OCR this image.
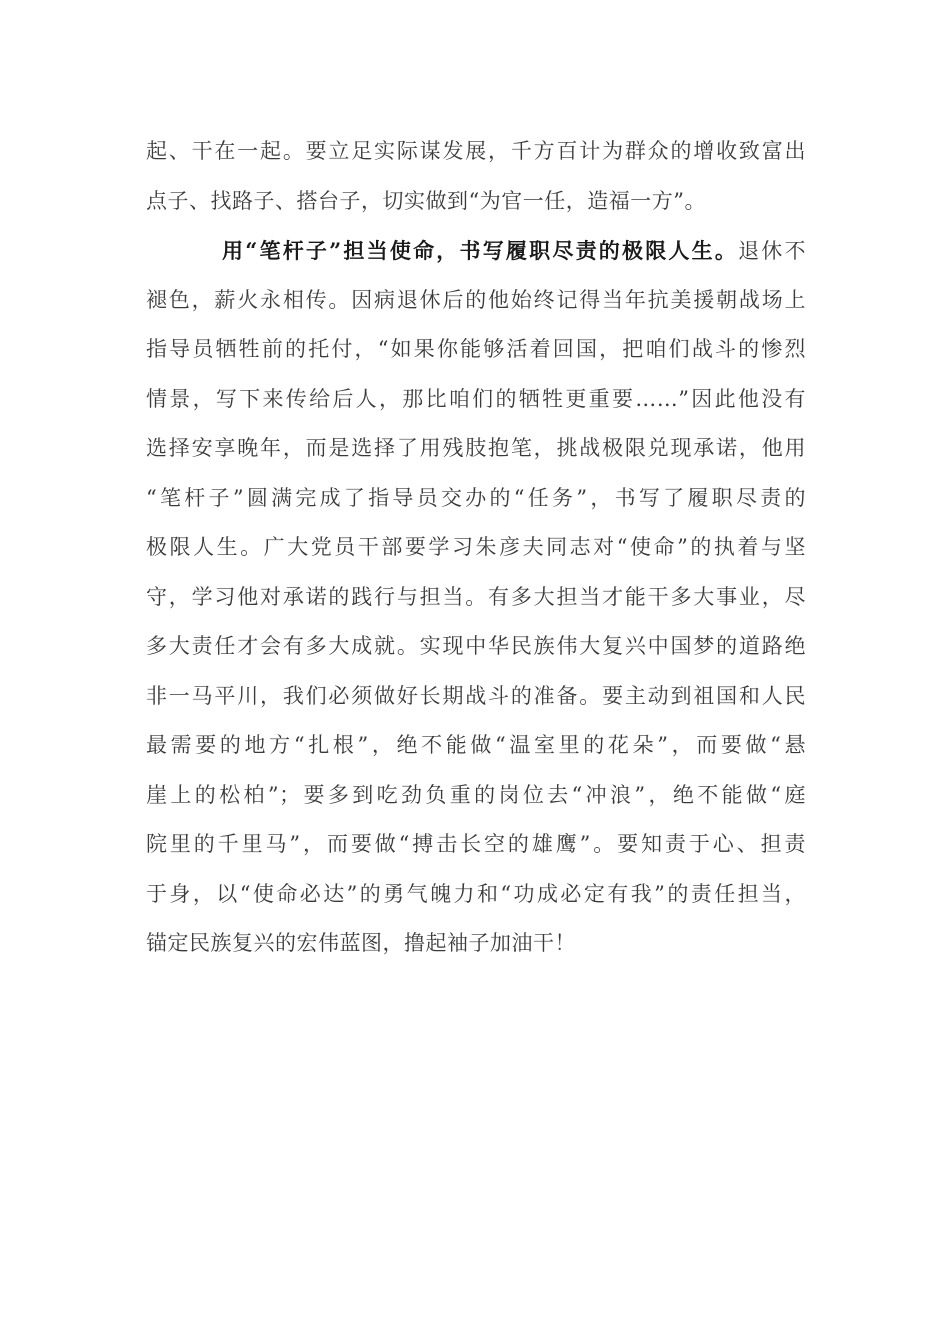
起、干在一起。要立足实际谋发展，千方百计为群众的增收致富出
点子、找路子、搭台子，切实做到“为官一任，造福一方”。
用“笔杆子”担当使命，书写履职尽责的极限人生。退休不
褪色，薪火永相传。因病退休后的他始终记得当年抗美援朝战场上
指导员牺牲前的托付，“如果你能够活着回国，把咱们战斗的惨烈
情景，写下来传给后人，那比咱们的牺牲更重要……”因此他没有
选择安享晚年，而是选择了用残肢抱笔，挑战极限兑现承诺，他用
“笔杆子”圆满完成了指导员交办的“任务”，书写了履职尽责的
极限人生。广大党员干部要学习朱彦夫同志对“使命”的执着与坚
守，学习他对承诺的践行与担当。有多大担当才能干多大事业，尽
多大责任才会有多大成就。实现中华民族伟大复兴中国梦的道路绝
非一马平川，我们必须做好长期战斗的准备。要主动到祖国和人民
最需要的地方“扎根”，绝不能做“温室里的花朵”，而要做“悬
崖上的松柏”；要多到吃劲负重的岗位去“冲浪”，绝不能做“庭
院里的千里马”，而要做“搏击长空的雄鹰”。要知责于心、担责
于身，以“使命必达”的勇气魄力和“功成必定有我”的责任担当，
锚定民族复兴的宏伟蓝图，撸起袖子加油干！
